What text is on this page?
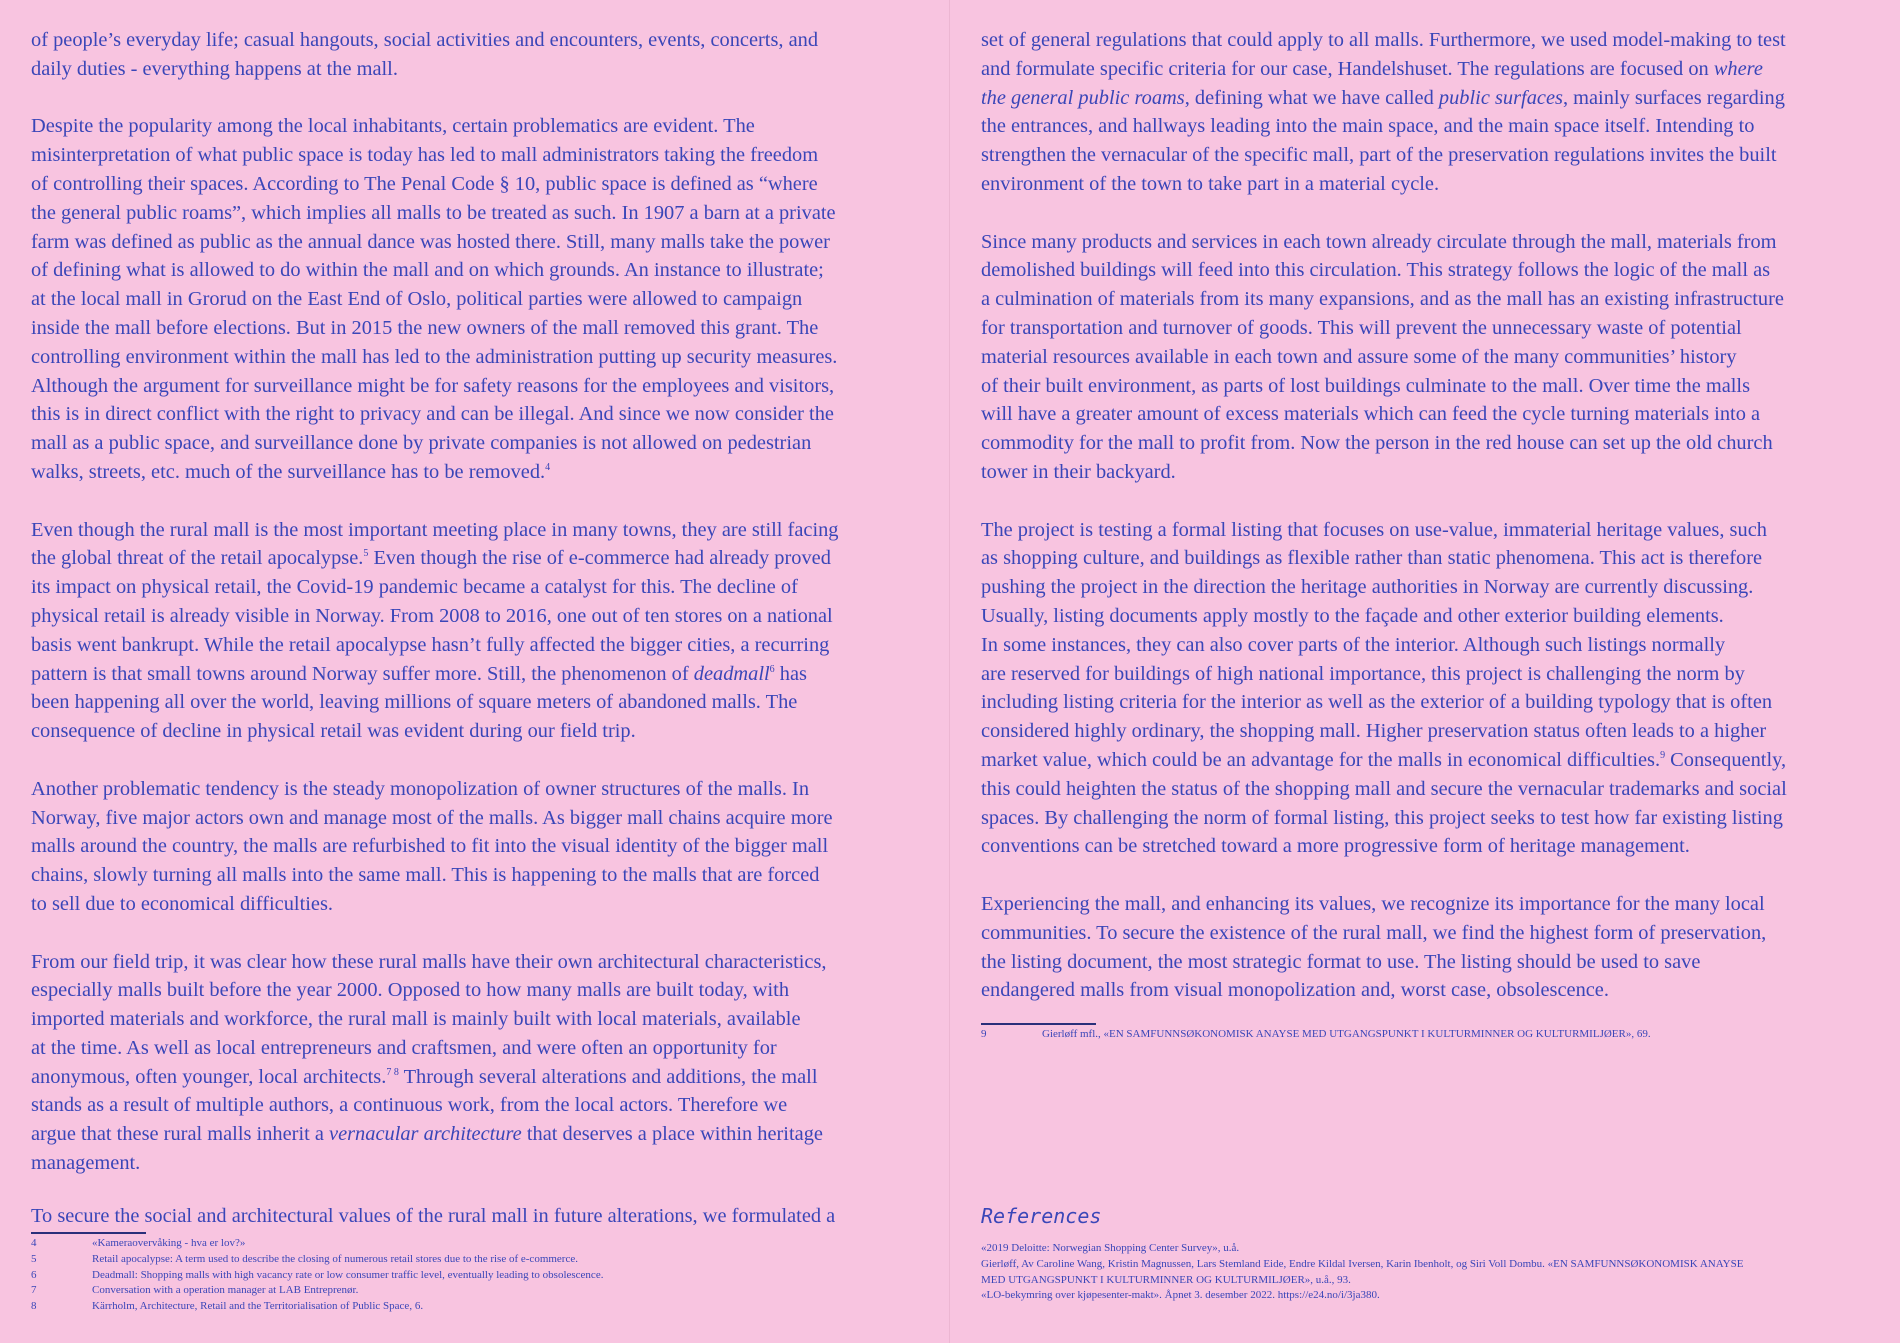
of people’s everyday life; casual hangouts, social activities and encounters, events, concerts, and
daily duties - everything happens at the mall.

Despite the popularity among the local inhabitants, certain problematics are evident. The
misinterpretation of what public space is today has led to mall administrators taking the freedom
of controlling their spaces. According to The Penal Code § 10, public space is defined as “where
the general public roams”, which implies all malls to be treated as such. In 1907 a barn at a private
farm was defined as public as the annual dance was hosted there. Still, many malls take the power
of defining what is allowed to do within the mall and on which grounds. An instance to illustrate;
at the local mall in Grorud on the East End of Oslo, political parties were allowed to campaign
inside the mall before elections. But in 2015 the new owners of the mall removed this grant. The
controlling environment within the mall has led to the administration putting up security measures.
Although the argument for surveillance might be for safety reasons for the employees and visitors,
this is in direct conflict with the right to privacy and can be illegal. And since we now consider the
mall as a public space, and surveillance done by private companies is not allowed on pedestrian
walks, streets, etc. much of the surveillance has to be removed.$^4$

Even though the rural mall is the most important meeting place in many towns, they are still facing
the global threat of the retail apocalypse.$^5$ Even though the rise of e-commerce had already proved
its impact on physical retail, the Covid-19 pandemic became a catalyst for this. The decline of
physical retail is already visible in Norway. From 2008 to 2016, one out of ten stores on a national
basis went bankrupt. While the retail apocalypse hasn’t fully affected the bigger cities, a recurring
pattern is that small towns around Norway suffer more. Still, the phenomenon of deadmall$^6$ has
been happening all over the world, leaving millions of square meters of abandoned malls. The
consequence of decline in physical retail was evident during our field trip.

Another problematic tendency is the steady monopolization of owner structures of the malls. In
Norway, five major actors own and manage most of the malls. As bigger mall chains acquire more
malls around the country, the malls are refurbished to fit into the visual identity of the bigger mall
chains, slowly turning all malls into the same mall. This is happening to the malls that are forced
to sell due to economical difficulties.

From our field trip, it was clear how these rural malls have their own architectural characteristics,
especially malls built before the year 2000. Opposed to how many malls are built today, with
imported materials and workforce, the rural mall is mainly built with local materials, available
at the time. As well as local entrepreneurs and craftsmen, and were often an opportunity for
anonymous, often younger, local architects.$^{7 8}$ Through several alterations and additions, the mall
stands as a result of multiple authors, a continuous work, from the local actors. Therefore we
argue that these rural malls inherit a vernacular architecture that deserves a place within heritage
management.

To secure the social and architectural values of the rural mall in future alterations, we formulated a
4	«Kameraovervåking - hva er lov?»
5	Retail apocalypse: A term used to describe the closing of numerous retail stores due to the rise of e-commerce.
6	Deadmall: Shopping malls with high vacancy rate or low consumer traffic level, eventually leading to obsolescence.
7	Conversation with a operation manager at LAB Entreprenør.
8	Kärrholm, Architecture, Retail and the Territorialisation of Public Space, 6.

set of general regulations that could apply to all malls. Furthermore, we used model-making to test
and formulate specific criteria for our case, Handelshuset. The regulations are focused on where
the general public roams, defining what we have called public surfaces, mainly surfaces regarding
the entrances, and hallways leading into the main space, and the main space itself. Intending to
strengthen the vernacular of the specific mall, part of the preservation regulations invites the built
environment of the town to take part in a material cycle.

Since many products and services in each town already circulate through the mall, materials from
demolished buildings will feed into this circulation. This strategy follows the logic of the mall as
a culmination of materials from its many expansions, and as the mall has an existing infrastructure
for transportation and turnover of goods. This will prevent the unnecessary waste of potential
material resources available in each town and assure some of the many communities’ history
of their built environment, as parts of lost buildings culminate to the mall. Over time the malls
will have a greater amount of excess materials which can feed the cycle turning materials into a
commodity for the mall to profit from. Now the person in the red house can set up the old church
tower in their backyard.

The project is testing a formal listing that focuses on use-value, immaterial heritage values, such
as shopping culture, and buildings as flexible rather than static phenomena. This act is therefore
pushing the project in the direction the heritage authorities in Norway are currently discussing.
Usually, listing documents apply mostly to the façade and other exterior building elements.
In some instances, they can also cover parts of the interior. Although such listings normally
are reserved for buildings of high national importance, this project is challenging the norm by
including listing criteria for the interior as well as the exterior of a building typology that is often
considered highly ordinary, the shopping mall. Higher preservation status often leads to a higher
market value, which could be an advantage for the malls in economical difficulties.$^9$ Consequently,
this could heighten the status of the shopping mall and secure the vernacular trademarks and social
spaces. By challenging the norm of formal listing, this project seeks to test how far existing listing
conventions can be stretched toward a more progressive form of heritage management.

Experiencing the mall, and enhancing its values, we recognize its importance for the many local
communities. To secure the existence of the rural mall, we find the highest form of preservation,
the listing document, the most strategic format to use. The listing should be used to save
endangered malls from visual monopolization and, worst case, obsolescence.

9	Gierløff mfl., «EN SAMFUNNSØKONOMISK ANAYSE MED UTGANGSPUNKT I KULTURMINNER OG KULTURMILJØER», 69.
References
«2019 Deloitte: Norwegian Shopping Center Survey», u.å.
Gierløff, Av Caroline Wang, Kristin Magnussen, Lars Stemland Eide, Endre Kildal Iversen, Karin Ibenholt, og Siri Voll Dombu. «EN SAMFUNNSØKONOMISK ANAYSE
MED UTGANGSPUNKT I KULTURMINNER OG KULTURMILJØER», u.å., 93.
«LO-bekymring over kjøpesenter-makt». Åpnet 3. desember 2022. https://e24.no/i/3ja380.
